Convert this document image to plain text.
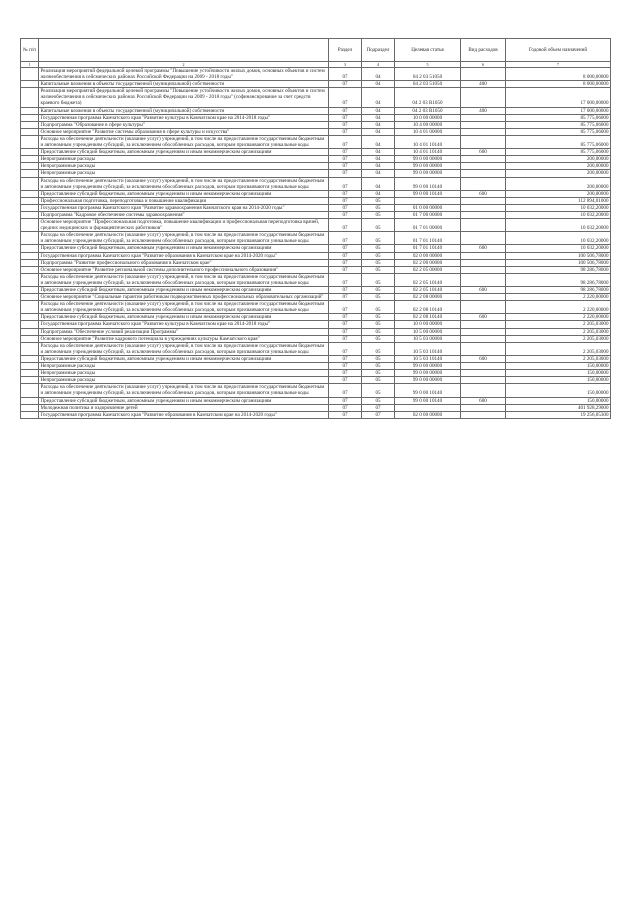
№ п/п		Раздел	Подраздел	Целевая статья	Вид расходов	Годовой объем назначений
1	2	3	4	5	6	7
	Реализация мероприятий федеральной целевой программы "Повышение устойчивости жилых домов, основных объектов и систем жизнеобеспечения в сейсмических районах Российской Федерации на 2009 - 2018 годы"	07	04	04 2 03 51050		8 000,00000
	Капитальные вложения в объекты государственной (муниципальной) собственности	07	04	04 2 03 51050	400	8 000,00000
	Реализация мероприятий федеральной целевой программы "Повышение устойчивости жилых домов, основных объектов и систем жизнеобеспечения в сейсмических районах Российской Федерации на 2009 - 2018 годы" (софинансирование за счет средств краевого бюджета)	07	04	04 2 03 R1050		17 000,00000
	Капитальные вложения в объекты государственной (муниципальной) собственности	07	04	04 2 03 R1050	400	17 000,00000
	Государственная программа Камчатского края "Развитие культуры в Камчатском крае на 2014-2018 годы"	07	04	10 0 00 00000		85 775,06000
	Подпрограмма "Образование в сфере культуры"	07	04	10 4 00 00000		85 775,06000
	Основное мероприятие "Развитие системы образования в сфере культуры и искусства"	07	04	10 4 01 00000		85 775,06000
	Расходы на обеспечение деятельности (оказание услуг) учреждений, в том числе на предоставление государственным бюджетным и автономным учреждениям субсидий, за исключением обособленных расходов, которым присваиваются уникальные коды	07	04	10 4 01 10140		85 775,06000
	Предоставление субсидий бюджетным, автономным учреждениям и иным некоммерческим организациям	07	04	10 4 01 10140	600	85 775,06000
	Непрограммные расходы	07	04	99 0 00 00000		200,00000
	Непрограммные расходы	07	04	99 0 00 00000		200,00000
	Непрограммные расходы	07	04	99 0 00 00000		200,00000
	Расходы на обеспечение деятельности (оказание услуг) учреждений, в том числе на предоставление государственным бюджетным и автономным учреждениям субсидий, за исключением обособленных расходов, которым присваиваются уникальные коды	07	04	99 0 00 10140		200,00000
	Предоставление субсидий бюджетным, автономным учреждениям и иным некоммерческим организациям	07	04	99 0 00 10140	600	200,00000
	Профессиональная подготовка, переподготовка и повышение квалификации	07	05			112 894,01000
	Государственная программа Камчатского края "Развитие здравоохранения Камчатского края на 2014-2020 годы"	07	05	01 0 00 00000		10 032,20000
	Подпрограмма "Кадровое обеспечение системы здравоохранения"	07	05	01 7 00 00000		10 032,20000
	Основное мероприятие "Профессиональная подготовка, повышение квалификации и профессиональная переподготовка врачей, средних медицинских и фармацевтических работников"	07	05	01 7 01 00000		10 032,20000
	Расходы на обеспечение деятельности (оказание услуг) учреждений, в том числе на предоставление государственным бюджетным и автономным учреждениям субсидий, за исключением обособленных расходов, которым присваиваются уникальные коды	07	05	01 7 01 10140		10 032,20000
	Предоставление субсидий бюджетным, автономным учреждениям и иным некоммерческим организациям	07	05	01 7 01 10140	600	10 032,20000
	Государственная программа Камчатского края "Развитие образования в Камчатском крае на 2014-2020 годы"	07	05	02 0 00 00000		100 506,78000
	Подпрограмма "Развитие профессионального образования в Камчатском крае"	07	05	02 2 00 00000		100 506,78000
	Основное мероприятие "Развитие региональной системы дополнительного профессионального образования"	07	05	02 2 05 00000		98 286,78000
	Расходы на обеспечение деятельности (оказание услуг) учреждений, в том числе на предоставление государственным бюджетным и автономным учреждениям субсидий, за исключением обособленных расходов, которым присваиваются уникальные коды	07	05	02 2 05 10140		98 286,78000
	Предоставление субсидий бюджетным, автономным учреждениям и иным некоммерческим организациям	07	05	02 2 05 10140	600	98 286,78000
	Основное мероприятие "Социальные гарантии работникам подведомственных профессиональных образовательных организаций"	07	05	02 2 08 00000		2 220,00000
	Расходы на обеспечение деятельности (оказание услуг) учреждений, в том числе на предоставление государственным бюджетным и автономным учреждениям субсидий, за исключением обособленных расходов, которым присваиваются уникальные коды	07	05	02 2 08 10140		2 220,00000
	Предоставление субсидий бюджетным, автономным учреждениям и иным некоммерческим организациям	07	05	02 2 08 10140	600	2 220,00000
	Государственная программа Камчатского края "Развитие культуры в Камчатском крае на 2014-2018 годы"	07	05	10 0 00 00000		2 205,03000
	Подпрограмма "Обеспечение условий реализации Программы"	07	05	10 5 00 00000		2 205,03000
	Основное мероприятие "Развитие кадрового потенциала в учреждениях культуры Камчатского края"	07	05	10 5 03 00000		2 205,03000
	Расходы на обеспечение деятельности (оказание услуг) учреждений, в том числе на предоставление государственным бюджетным и автономным учреждениям субсидий, за исключением обособленных расходов, которым присваиваются уникальные коды	07	05	10 5 03 10140		2 205,03000
	Предоставление субсидий бюджетным, автономным учреждениям и иным некоммерческим организациям	07	05	10 5 03 10140	600	2 205,03000
	Непрограммные расходы	07	05	99 0 00 00000		150,00000
	Непрограммные расходы	07	05	99 0 00 00000		150,00000
	Непрограммные расходы	07	05	99 0 00 00000		150,00000
	Расходы на обеспечение деятельности (оказание услуг) учреждений, в том числе на предоставление государственным бюджетным и автономным учреждениям субсидий, за исключением обособленных расходов, которым присваиваются уникальные коды	07	05	99 0 00 10140		150,00000
	Предоставление субсидий бюджетным, автономным учреждениям и иным некоммерческим организациям	07	05	99 0 00 10140	600	150,00000
	Молодежная политика и оздоровление детей	07	07			401 928,29000
	Государственная программа Камчатского края "Развитие образования в Камчатском крае на 2014-2020 годы"	07	07	02 0 00 00000		19 256,05300
